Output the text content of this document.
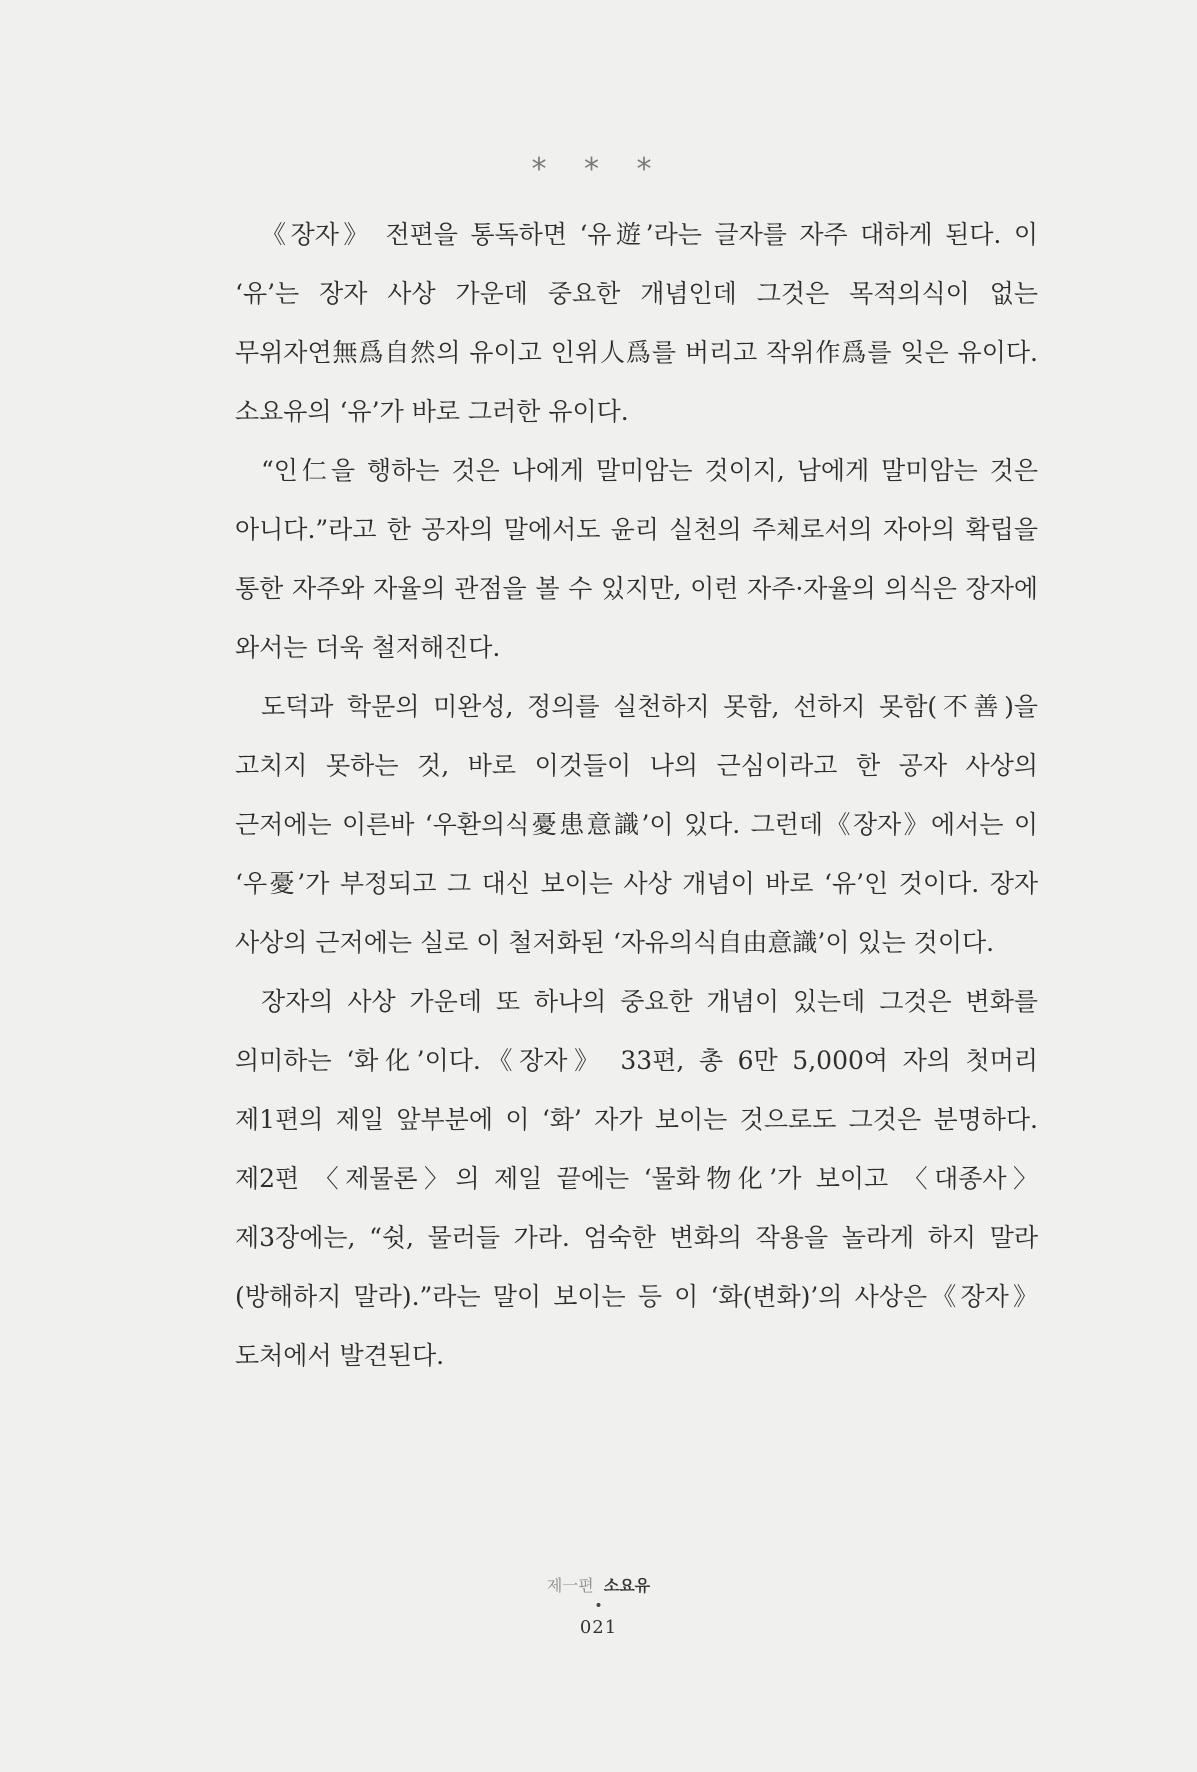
* * *

《장자》 전편을 통독하면 ‘유遊’라는 글자를 자주 대하게 된다. 이 ‘유’는 장자 사상 가운데 중요한 개념인데 그것은 목적의식이 없는 무위자연無爲自然의 유이고 인위人爲를 버리고 작위作爲를 잊은 유이다. 소요유의 ‘유’가 바로 그러한 유이다.

“인仁을 행하는 것은 나에게 말미암는 것이지, 남에게 말미암는 것은 아니다.”라고 한 공자의 말에서도 윤리 실천의 주체로서의 자아의 확립을 통한 자주와 자율의 관점을 볼 수 있지만, 이런 자주·자율의 의식은 장자에 와서는 더욱 철저해진다.

도덕과 학문의 미완성, 정의를 실천하지 못함, 선하지 못함(不善)을 고치지 못하는 것, 바로 이것들이 나의 근심이라고 한 공자 사상의 근저에는 이른바 ‘우환의식憂患意識’이 있다. 그런데《장자》에서는 이 ‘우憂’가 부정되고 그 대신 보이는 사상 개념이 바로 ‘유’인 것이다. 장자 사상의 근저에는 실로 이 철저화된 ‘자유의식自由意識’이 있는 것이다.

장자의 사상 가운데 또 하나의 중요한 개념이 있는데 그것은 변화를 의미하는 ‘화化’이다.《장자》 33편, 총 6만 5,000여 자의 첫머리 제1편의 제일 앞부분에 이 ‘화’ 자가 보이는 것으로도 그것은 분명하다. 제2편 〈제물론〉의 제일 끝에는 ‘물화物化’가 보이고 〈대종사〉 제3장에는, “쉿, 물러들 가라. 엄숙한 변화의 작용을 놀라게 하지 말라(방해하지 말라).”라는 말이 보이는 등 이 ‘화(변화)’의 사상은《장자》 도처에서 발견된다.

제一편 소요유
•
021
